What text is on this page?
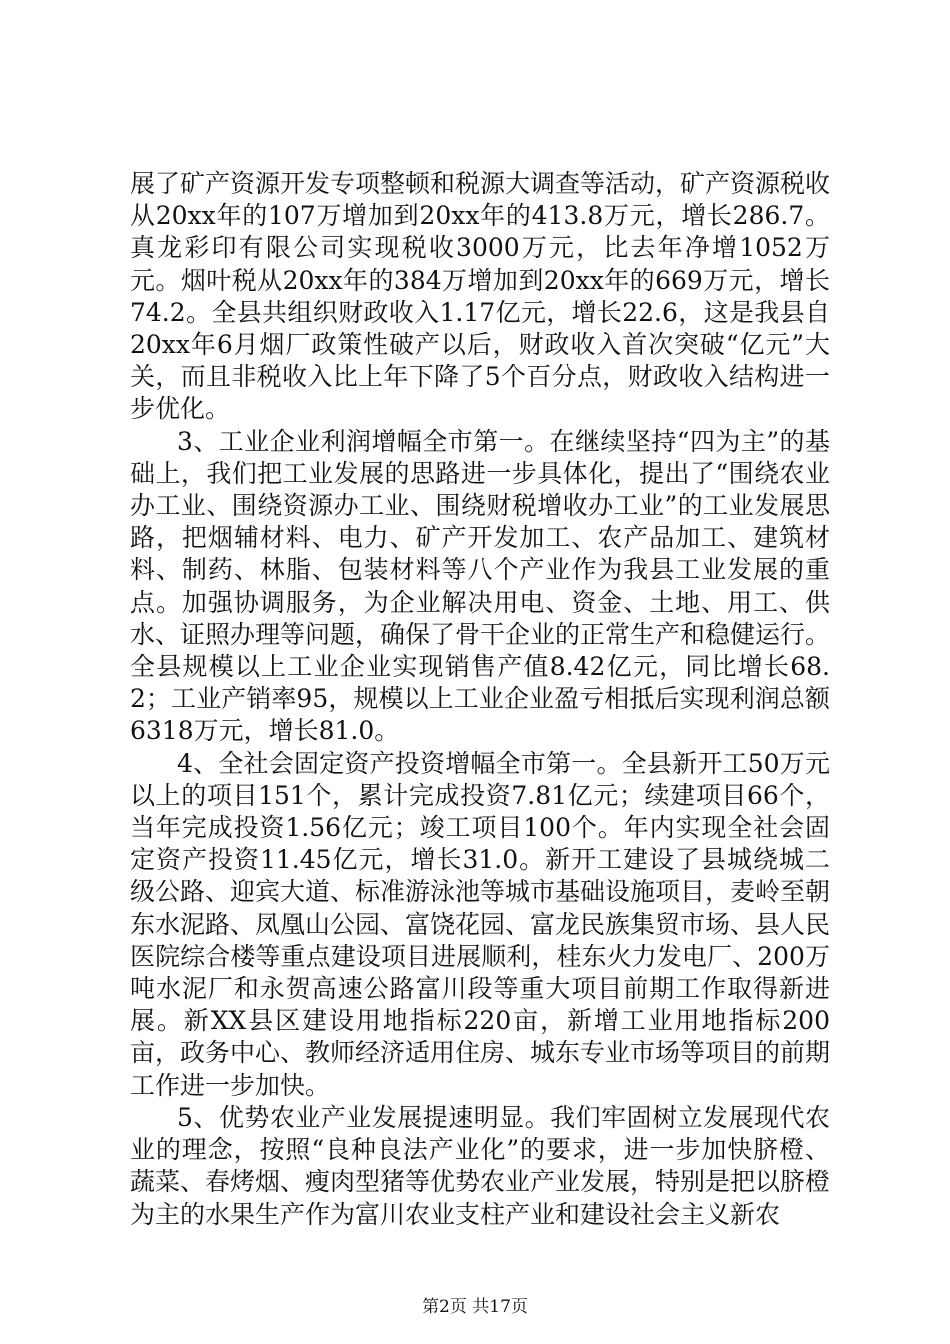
展了矿产资源开发专项整顿和税源大调查等活动，矿产资源税收从20xx年的107万增加到20xx年的413.8万元，增长286.7。真龙彩印有限公司实现税收3000万元，比去年净增1052万元。烟叶税从20xx年的384万增加到20xx年的669万元，增长74.2。全县共组织财政收入1.17亿元，增长22.6，这是我县自20xx年6月烟厂政策性破产以后，财政收入首次突破“亿元”大关，而且非税收入比上年下降了5个百分点，财政收入结构进一步优化。

3、工业企业利润增幅全市第一。在继续坚持“四为主”的基础上，我们把工业发展的思路进一步具体化，提出了“围绕农业办工业、围绕资源办工业、围绕财税增收办工业”的工业发展思路，把烟辅材料、电力、矿产开发加工、农产品加工、建筑材料、制药、林脂、包装材料等八个产业作为我县工业发展的重点。加强协调服务，为企业解决用电、资金、土地、用工、供水、证照办理等问题，确保了骨干企业的正常生产和稳健运行。全县规模以上工业企业实现销售产值8.42亿元，同比增长68.2；工业产销率95，规模以上工业企业盈亏相抵后实现利润总额6318万元，增长81.0。

4、全社会固定资产投资增幅全市第一。全县新开工50万元以上的项目151个，累计完成投资7.81亿元；续建项目66个，当年完成投资1.56亿元；竣工项目100个。年内实现全社会固定资产投资11.45亿元，增长31.0。新开工建设了县城绕城二级公路、迎宾大道、标准游泳池等城市基础设施项目，麦岭至朝东水泥路、凤凰山公园、富饶花园、富龙民族集贸市场、县人民医院综合楼等重点建设项目进展顺利，桂东火力发电厂、200万吨水泥厂和永贺高速公路富川段等重大项目前期工作取得新进展。新XX县区建设用地指标220亩，新增工业用地指标200亩，政务中心、教师经济适用住房、城东专业市场等项目的前期工作进一步加快。

5、优势农业产业发展提速明显。我们牢固树立发展现代农业的理念，按照“良种良法产业化”的要求，进一步加快脐橙、蔬菜、春烤烟、瘦肉型猪等优势农业产业发展，特别是把以脐橙为主的水果生产作为富川农业支柱产业和建设社会主义新农

第2页 共17页
